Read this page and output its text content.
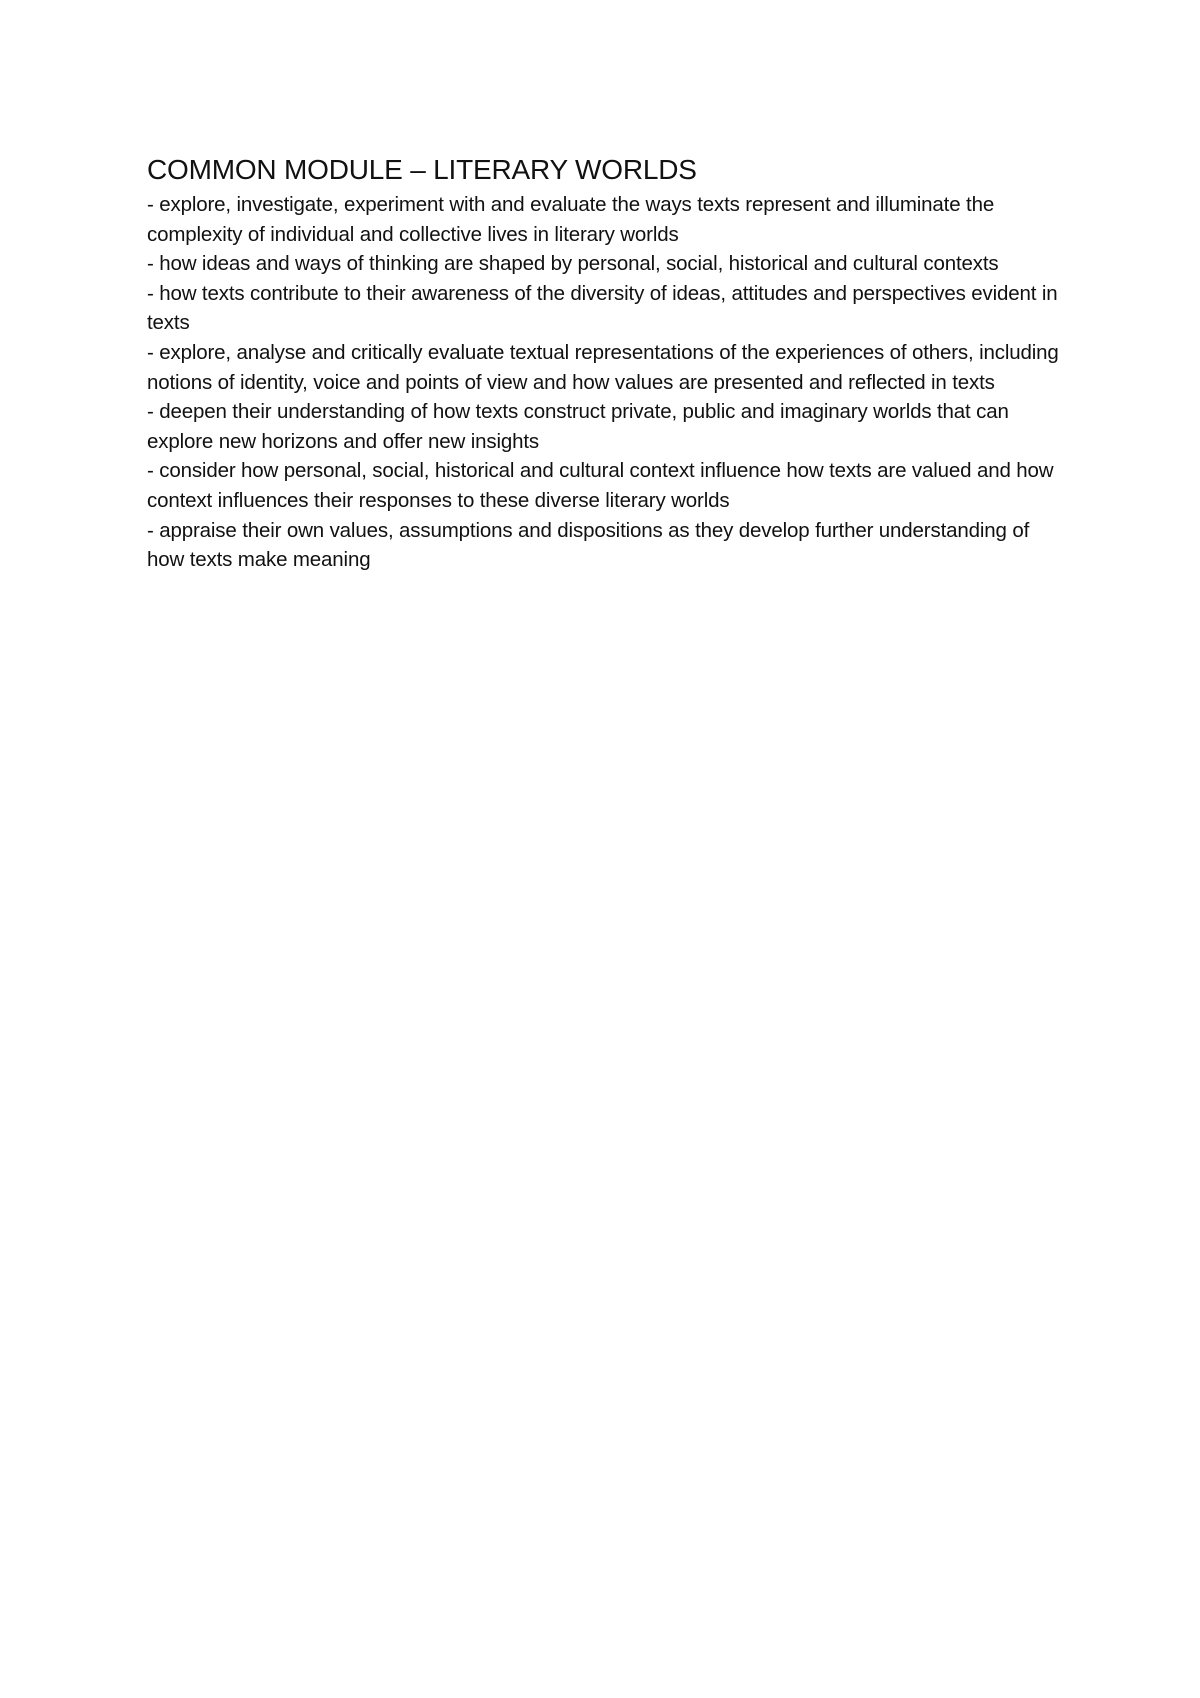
COMMON MODULE – LITERARY WORLDS
- explore, investigate, experiment with and evaluate the ways texts represent and illuminate the complexity of individual and collective lives in literary worlds
- how ideas and ways of thinking are shaped by personal, social, historical and cultural contexts
- how texts contribute to their awareness of the diversity of ideas, attitudes and perspectives evident in texts
- explore, analyse and critically evaluate textual representations of the experiences of others, including notions of identity, voice and points of view and how values are presented and reflected in texts
- deepen their understanding of how texts construct private, public and imaginary worlds that can explore new horizons and offer new insights
- consider how personal, social, historical and cultural context influence how texts are valued and how context influences their responses to these diverse literary worlds
- appraise their own values, assumptions and dispositions as they develop further understanding of how texts make meaning
